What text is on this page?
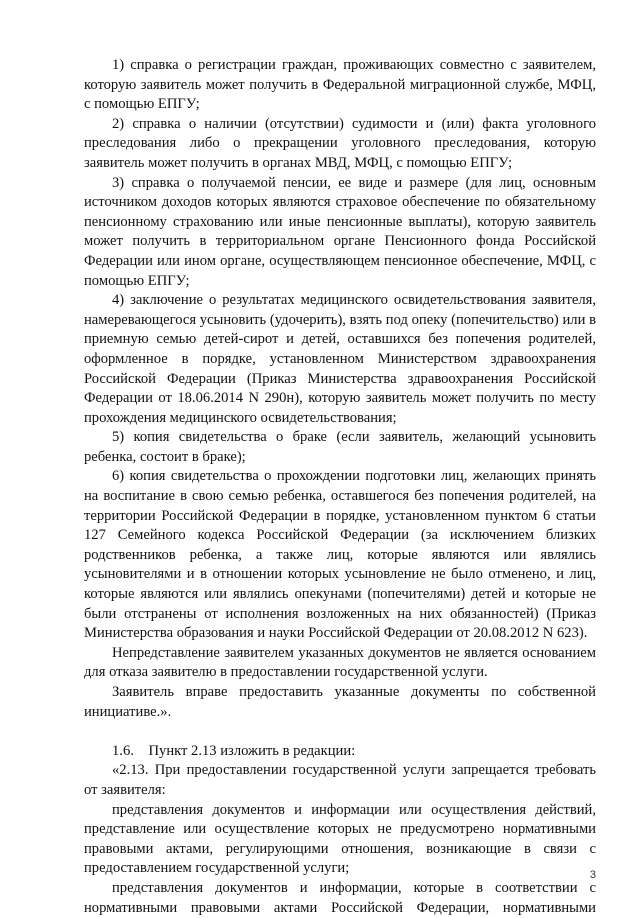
1) справка о регистрации граждан, проживающих совместно с заявителем, которую заявитель может получить в Федеральной миграционной службе, МФЦ, с помощью ЕПГУ;

2) справка о наличии (отсутствии) судимости и (или) факта уголовного преследования либо о прекращении уголовного преследования, которую заявитель может получить в органах МВД, МФЦ, с помощью ЕПГУ;

3) справка о получаемой пенсии, ее виде и размере (для лиц, основным источником доходов которых являются страховое обеспечение по обязательному пенсионному страхованию или иные пенсионные выплаты), которую заявитель может получить в территориальном органе Пенсионного фонда Российской Федерации или ином органе, осуществляющем пенсионное обеспечение, МФЦ, с помощью ЕПГУ;

4) заключение о результатах медицинского освидетельствования заявителя, намеревающегося усыновить (удочерить), взять под опеку (попечительство) или в приемную семью детей-сирот и детей, оставшихся без попечения родителей, оформленное в порядке, установленном Министерством здравоохранения Российской Федерации (Приказ Министерства здравоохранения Российской Федерации от 18.06.2014 N 290н), которую заявитель может получить по месту прохождения медицинского освидетельствования;

5) копия свидетельства о браке (если заявитель, желающий усыновить ребенка, состоит в браке);

6) копия свидетельства о прохождении подготовки лиц, желающих принять на воспитание в свою семью ребенка, оставшегося без попечения родителей, на территории Российской Федерации в порядке, установленном пунктом 6 статьи 127 Семейного кодекса Российской Федерации (за исключением близких родственников ребенка, а также лиц, которые являются или являлись усыновителями и в отношении которых усыновление не было отменено, и лиц, которые являются или являлись опекунами (попечителями) детей и которые не были отстранены от исполнения возложенных на них обязанностей) (Приказ Министерства образования и науки Российской Федерации от 20.08.2012 N 623).

Непредставление заявителем указанных документов не является основанием для отказа заявителю в предоставлении государственной услуги.

Заявитель вправе предоставить указанные документы по собственной инициативе.».

1.6.    Пункт 2.13 изложить в редакции:

«2.13. При предоставлении государственной услуги запрещается требовать от заявителя:

представления документов и информации или осуществления действий, представление или осуществление которых не предусмотрено нормативными правовыми актами, регулирующими отношения, возникающие в связи с предоставлением государственной услуги;

представления документов и информации, которые в соответствии с нормативными правовыми актами Российской Федерации, нормативными

3
